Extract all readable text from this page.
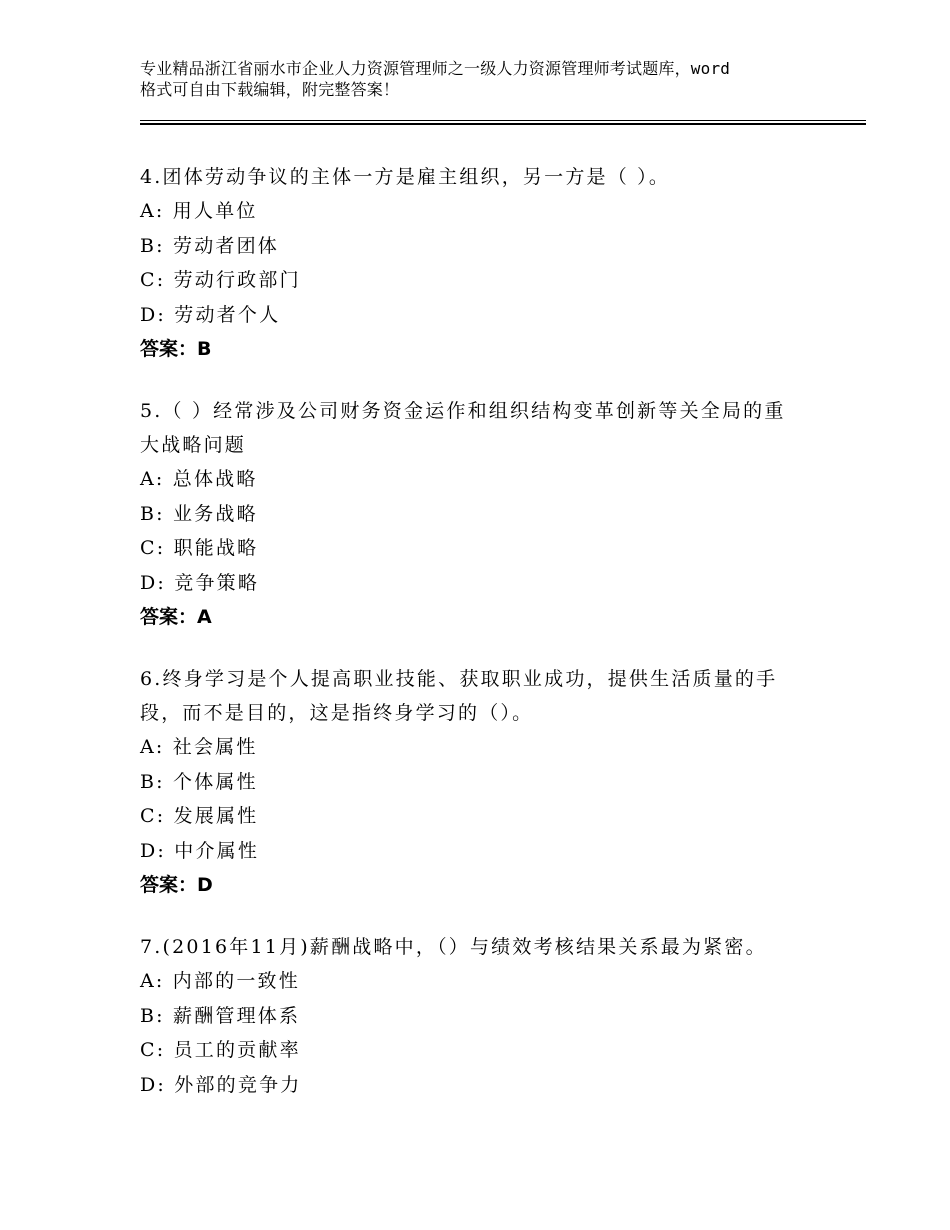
专业精品浙江省丽水市企业人力资源管理师之一级人力资源管理师考试题库，word
格式可自由下载编辑，附完整答案！
4.团体劳动争议的主体一方是雇主组织，另一方是（ ）。
A: 用人单位
B: 劳动者团体
C: 劳动行政部门
D: 劳动者个人
答案：B
5.（ ）经常涉及公司财务资金运作和组织结构变革创新等关全局的重
大战略问题
A: 总体战略
B: 业务战略
C: 职能战略
D: 竞争策略
答案：A
6.终身学习是个人提高职业技能、获取职业成功，提供生活质量的手
段，而不是目的，这是指终身学习的（）。
A: 社会属性
B: 个体属性
C: 发展属性
D: 中介属性
答案：D
7.(2016年11月)薪酬战略中，（）与绩效考核结果关系最为紧密。
A: 内部的一致性
B: 薪酬管理体系
C: 员工的贡献率
D: 外部的竞争力
